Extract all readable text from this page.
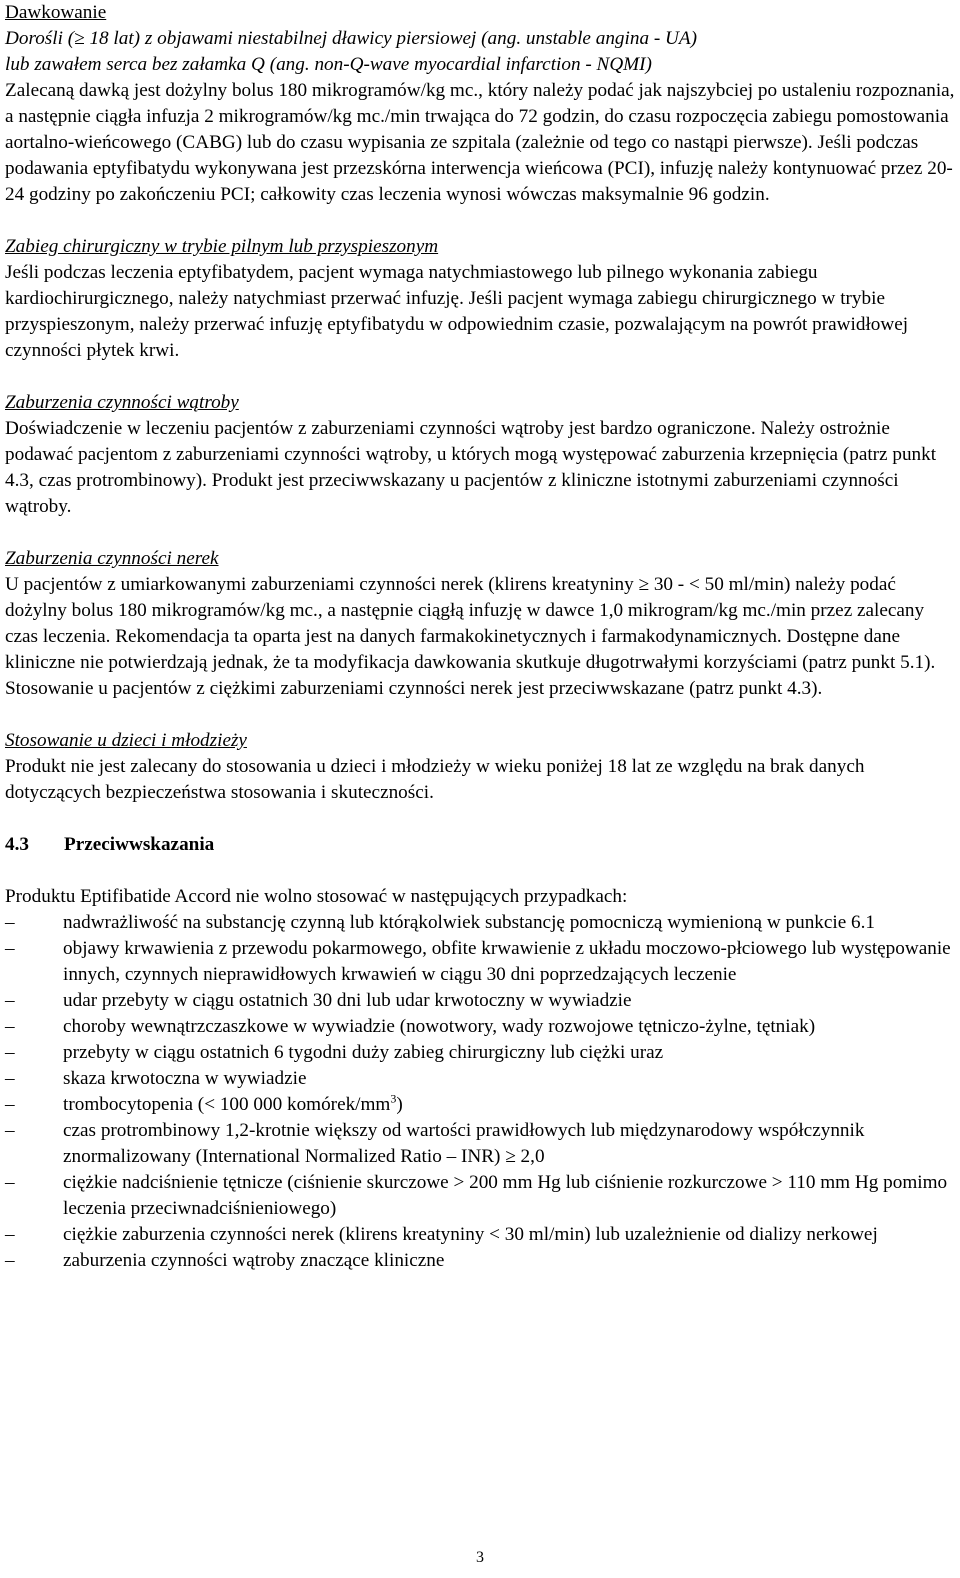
Dawkowanie

Dorośli (≥ 18 lat) z objawami niestabilnej dławicy piersiowej (ang. unstable angina - UA)

lub zawałem serca bez załamka Q (ang. non-Q-wave myocardial infarction - NQMI)

Zalecaną dawką jest dożylny bolus 180 mikrogramów/kg mc., który należy podać jak najszybciej po ustaleniu rozpoznania, a następnie ciągła infuzja 2 mikrogramów/kg mc./min trwająca do 72 godzin, do czasu rozpoczęcia zabiegu pomostowania aortalno-wieńcowego (CABG) lub do czasu wypisania ze szpitala (zależnie od tego co nastąpi pierwsze). Jeśli podczas podawania eptyfibatydu wykonywana jest przezskórna interwencja wieńcowa (PCI), infuzję należy kontynuować przez 20-24 godziny po zakończeniu PCI; całkowity czas leczenia wynosi wówczas maksymalnie 96 godzin.

Zabieg chirurgiczny w trybie pilnym lub przyspieszonym

Jeśli podczas leczenia eptyfibatydem, pacjent wymaga natychmiastowego lub pilnego wykonania zabiegu kardiochirurgicznego, należy natychmiast przerwać infuzję. Jeśli pacjent wymaga zabiegu chirurgicznego w trybie przyspieszonym, należy przerwać infuzję eptyfibatydu w odpowiednim czasie, pozwalającym na powrót prawidłowej czynności płytek krwi.

Zaburzenia czynności wątroby

Doświadczenie w leczeniu pacjentów z zaburzeniami czynności wątroby jest bardzo ograniczone. Należy ostrożnie podawać pacjentom z zaburzeniami czynności wątroby, u których mogą występować zaburzenia krzepnięcia (patrz punkt 4.3, czas protrombinowy). Produkt jest przeciwwskazany u pacjentów z kliniczne istotnymi zaburzeniami czynności wątroby.

Zaburzenia czynności nerek

U pacjentów z umiarkowanymi zaburzeniami czynności nerek (klirens kreatyniny ≥ 30 - < 50 ml/min) należy podać dożylny bolus 180 mikrogramów/kg mc., a następnie ciągłą infuzję w dawce 1,0 mikrogram/kg mc./min przez zalecany czas leczenia. Rekomendacja ta oparta jest na danych farmakokinetycznych i farmakodynamicznych. Dostępne dane kliniczne nie potwierdzają jednak, że ta modyfikacja dawkowania skutkuje długotrwałymi korzyściami (patrz punkt 5.1). Stosowanie u pacjentów z ciężkimi zaburzeniami czynności nerek jest przeciwwskazane (patrz punkt 4.3).

Stosowanie u dzieci i młodzieży

Produkt nie jest zalecany do stosowania u dzieci i młodzieży w wieku poniżej 18 lat ze względu na brak danych dotyczących bezpieczeństwa stosowania i skuteczności.

4.3 Przeciwwskazania

Produktu Eptifibatide Accord nie wolno stosować w następujących przypadkach:

–	nadwrażliwość na substancję czynną lub którąkolwiek substancję pomocniczą wymienioną w punkcie 6.1
–	objawy krwawienia z przewodu pokarmowego, obfite krwawienie z układu moczowo-płciowego lub występowanie innych, czynnych nieprawidłowych krwawień w ciągu 30 dni poprzedzających leczenie
–	udar przebyty w ciągu ostatnich 30 dni lub udar krwotoczny w wywiadzie
–	choroby wewnątrzczaszkowe w wywiadzie (nowotwory, wady rozwojowe tętniczo-żylne, tętniak)
–	przebyty w ciągu ostatnich 6 tygodni duży zabieg chirurgiczny lub ciężki uraz
–	skaza krwotoczna w wywiadzie
–	trombocytopenia (< 100 000 komórek/$mm^3$)
–	czas protrombinowy 1,2-krotnie większy od wartości prawidłowych lub międzynarodowy współczynnik znormalizowany (International Normalized Ratio – INR) ≥ 2,0
–	ciężkie nadciśnienie tętnicze (ciśnienie skurczowe > 200 mm Hg lub ciśnienie rozkurczowe > 110 mm Hg pomimo leczenia przeciwnadciśnieniowego)
–	ciężkie zaburzenia czynności nerek (klirens kreatyniny < 30 ml/min) lub uzależnienie od dializy nerkowej
–	zaburzenia czynności wątroby znaczące kliniczne
3
